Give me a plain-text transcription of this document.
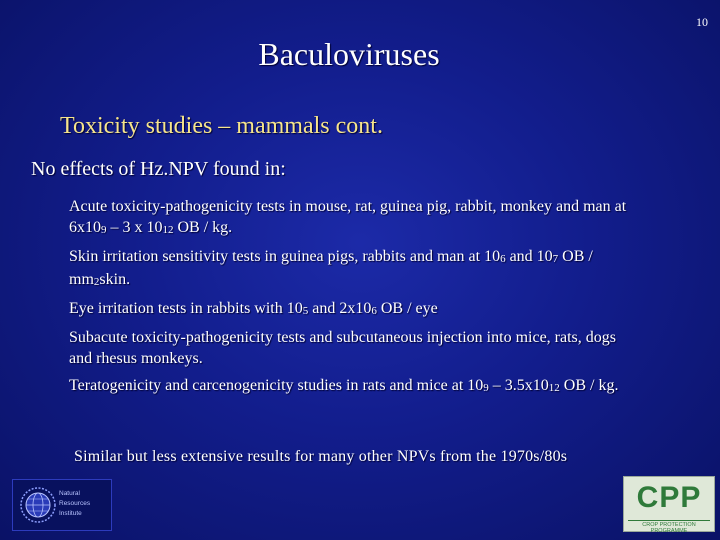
10
Baculoviruses
Toxicity studies – mammals cont.
No effects of Hz.NPV found in:
Acute toxicity-pathogenicity tests in mouse, rat, guinea pig, rabbit, monkey and man at $6x10^9 - 3$ x $10^{12}$ OB / kg.
Skin irritation sensitivity tests in guinea pigs, rabbits and man at $10^6$ and $10^7$ OB / $mm^2skin$.
Eye irritation tests in rabbits with $10^5$ and $2x10^6$ OB / eye
Subacute toxicity-pathogenicity tests and subcutaneous injection into mice, rats, dogs and rhesus monkeys.
Teratogenicity and carcenogenicity studies in rats and mice at $10^9 - 3.5x10^{12}$ OB / kg.
Similar but less extensive results for many other NPVs from the 1970s/80s
Natural
Resources
Institute	CPP
CROP PROTECTION PROGRAMME
